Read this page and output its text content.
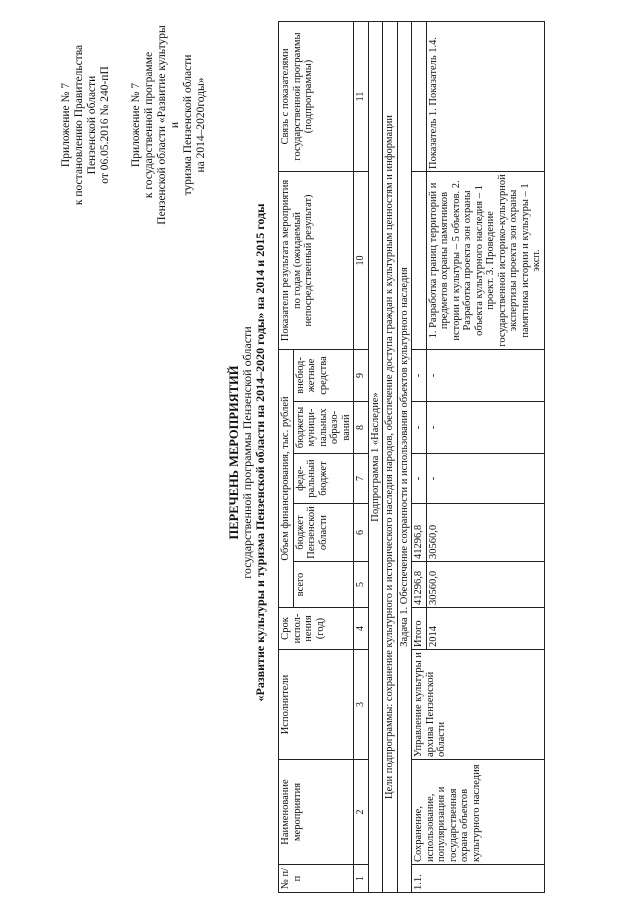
Приложение № 7 к постановлению Правительства Пензенской области от 06.05.2016 № 240-пП Приложение № 7 к государственной программе Пензенской области «Развитие культуры и туризма Пензенской области на 2014–2020годы»
ПЕРЕЧЕНЬ МЕРОПРИЯТИЙ государственной программы Пензенской области «Развитие культуры и туризма Пензенской области на 2014–2020 годы» на 2014 и 2015 годы
№ п/п	Наименование мероприятия	Исполнители	Срок испол-нения (год)	Объем финансирования, тыс. рублей					Показатели результата мероприятия по годам (ожидаемый непосредственный результат)	Связь с показателями государственной программы (подпрограммы)
				всего	бюджет Пензенской области	феде-ральный бюджет	бюджеты муници-пальных образо-ваний	внебюд-жетные средства		
1	2	3	4	5	6	7	8	9	10	11
Подпрограмма 1 «Наследие»										
Цели подпрограммы: сохранение культурного и исторического наследия народов, обеспечение доступа граждан к культурным ценностям и информации										
Задача 1. Обеспечение сохранности и использования объектов культурного наследия										
1.1.	Сохранение, использование, популяризация и государственная охрана объектов культурного наследия	Управление культуры и архива Пензенской области	Итого	41296,8	41296,8	-	-	-		
			2014	30560,0	30560,0	-	-	-	1. Разработка границ территорий и предметов охраны памятников истории и культуры – 5 объектов. 2. Разработка проекта зон охраны объекта культурного наследия – 1 проект. 3. Проведение государственной историко-культурной экспертизы проекта зон охраны памятника истории и культуры – 1 эксп.	Показатель 1. Показатель 1.4.
